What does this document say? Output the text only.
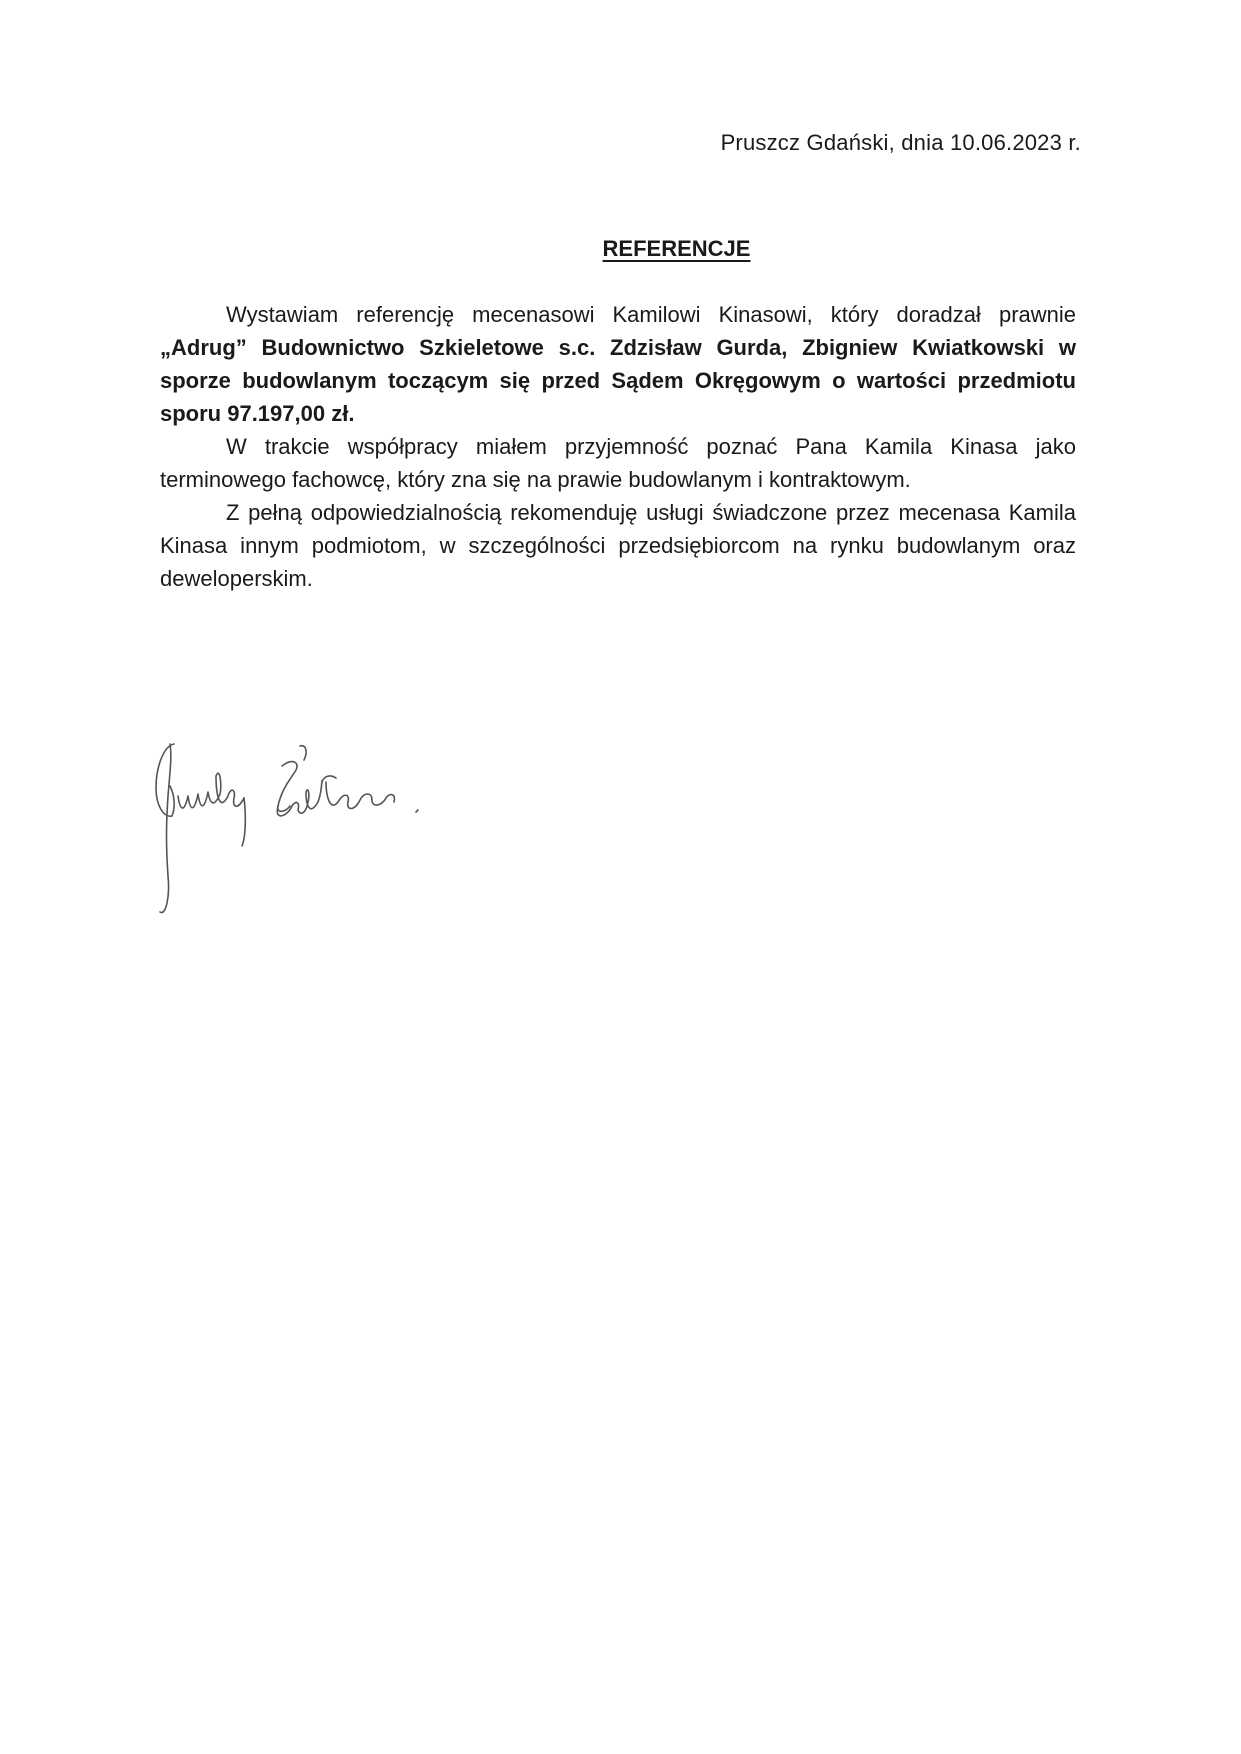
Pruszcz Gdański, dnia 10.06.2023 r.
REFERENCJE

Wystawiam referencję mecenasowi Kamilowi Kinasowi, który doradzał prawnie „Adrug” Budownictwo Szkieletowe s.c. Zdzisław Gurda, Zbigniew Kwiatkowski w sporze budowlanym toczącym się przed Sądem Okręgowym o wartości przedmiotu sporu 97.197,00 zł.

W trakcie współpracy miałem przyjemność poznać Pana Kamila Kinasa jako terminowego fachowcę, który zna się na prawie budowlanym i kontraktowym.

Z pełną odpowiedzialnością rekomenduję usługi świadczone przez mecenasa Kamila Kinasa innym podmiotom, w szczególności przedsiębiorcom na rynku budowlanym oraz deweloperskim.
